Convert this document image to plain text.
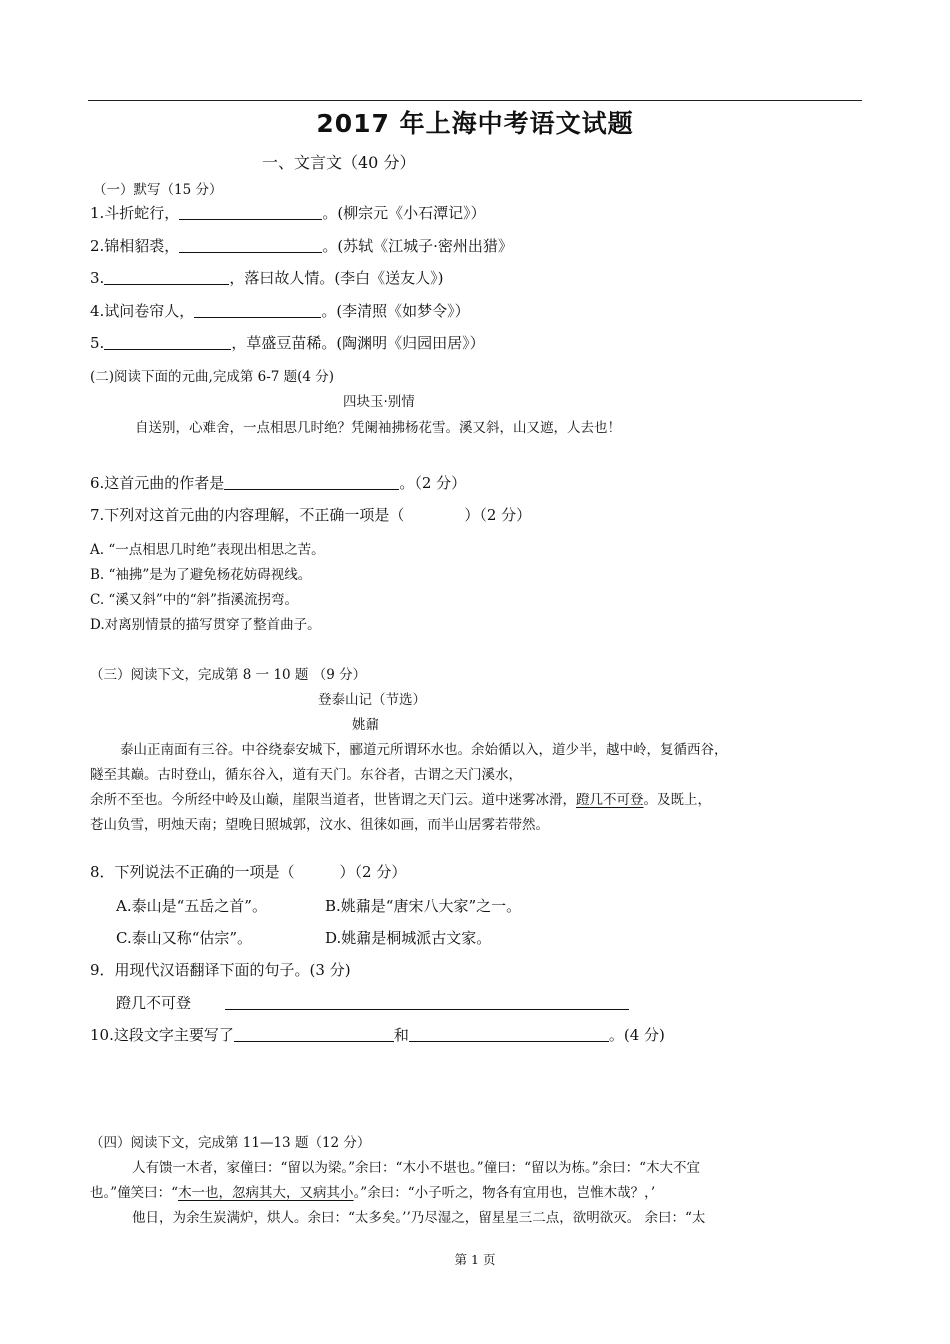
2017 年上海中考语文试题
一、文言文（40 分）
（一）默写（15 分）
1.斗折蛇行，	。(柳宗元《小石潭记》）
2.锦相貂裘，	。(苏轼《江城子·密州出猎》
3.	，落曰故人情。(李白《送友人》)
4.试问卷帘人，	。(李清照《如梦令》）
5.	，草盛豆苗稀。(陶渊明《归园田居》）
(二)阅读下面的元曲,完成第 6-7 题(4 分)
四块玉·别情
自送别，心难舍，一点相思几时绝？凭阑袖拂杨花雪。溪又斜，山又遮，人去也！
6.这首元曲的作者是	。（2 分）
7.下列对这首元曲的内容理解，不正确一项是（　　　　）（2 分）
A. “一点相思几时绝”表现出相思之苦。
B. “袖拂”是为了避免杨花妨碍视线。
C. “溪又斜”中的“斜”指溪流拐弯。
D.对离别情景的描写贯穿了整首曲子。
（三）阅读下文，完成第 8 一 10 题 （9 分）
登泰山记（节选）
姚鼐
泰山正南面有三谷。中谷绕泰安城下，郦道元所谓环水也。余始循以入，道少半，越中岭，复循西谷，
隧至其巅。古时登山，循东谷入，道有天门。东谷者，古谓之天门溪水，
余所不至也。今所经中岭及山巅，崖限当道者，世皆谓之天门云。道中迷雾冰滑，蹬几不可登。及既上，
苍山负雪，明烛天南；望晚日照城郭，汶水、徂徕如画，而半山居雾若带然。
8．下列说法不正确的一项是（　　　）（2 分）
A.泰山是“五岳之首”。	B.姚鼐是“唐宋八大家”之一。
C.泰山又称“估宗”。	D.姚鼐是桐城派古文家。
9．用现代汉语翻译下面的句子。(3 分)
蹬几不可登
10.这段文字主要写了	和	。(4 分)
（四）阅读下文，完成第 11—13 题（12 分）
人有馈一木者，家僮曰：“留以为梁。”余曰：“木小不堪也。”僮曰：“留以为栋。”余曰：“木大不宜
也。”僮笑曰：“木一也，忽病其大，又病其小。”余曰：“小子听之，物各有宜用也，岂惟木哉？，’
他日，为余生炭满炉，烘人。余曰：“太多矣。’’乃尽湿之，留星星三二点，欲明欲灭。 余曰：“太
第 1 页
